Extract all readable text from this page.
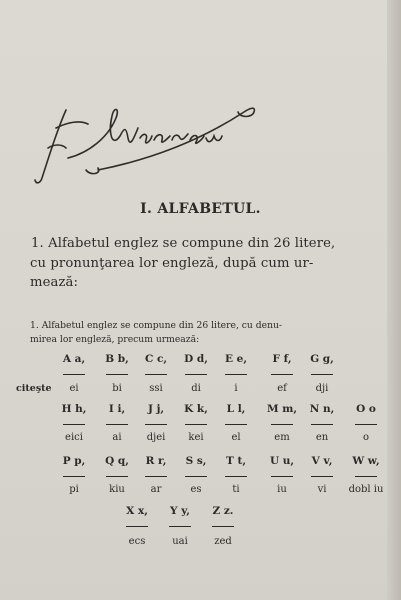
I. ALFABETUL.
1. Alfabetul englez se compune din 26 litere,
cu pronunţarea lor engleză, după cum ur-
mează:
1. Alfabetul englez se compune din 26 litere, cu denu-
mirea lor engleză, precum urmează:
A a,	B b,	C c,	D d,	E e,	F f,	G g,
citeşte	ei	bi	ssi	di	i	ef	dji
H h,	I i,	J j,	K k,	L l,	M m,	N n,	O o
eici	ai	djei	kei	el	em	en	o
P p,	Q q,	R r,	S s,	T t,	U u,	V v,	W w,
pi	kiu	ar	es	ti	iu	vi	dobl iu
X x,	Y y,	Z z.
ecs	uai	zed
